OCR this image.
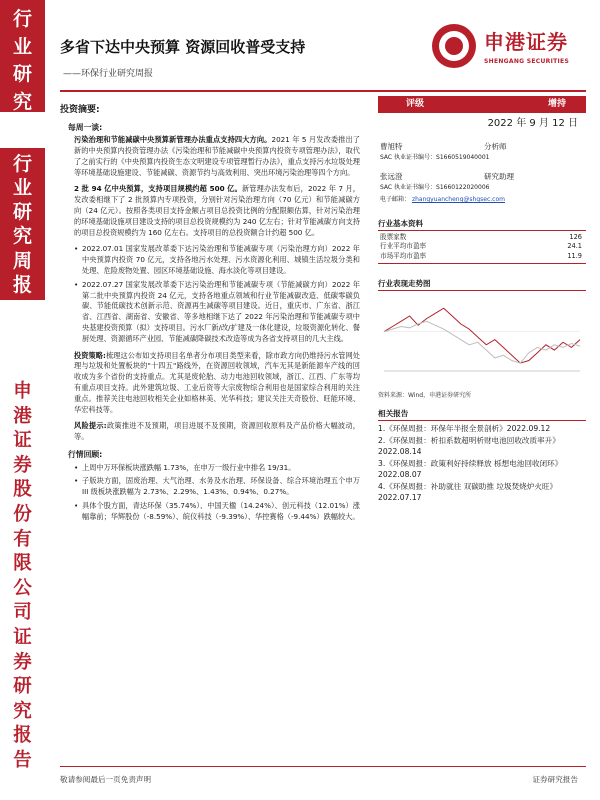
行
业
研
究
行
业
研
究
周
报
申
港
证
券
股
份
有
限
公
司
证
券
研
究
报
告
多省下达中央预算 资源回收普受支持
——环保行业研究周报
申港证券
SHENGANG SECURITIES
投资摘要:
每周一谈:
污染治理和节能减碳中央预算新管理办法重点支持四大方向。2021 年 5 月发改委推出了新的中央预算内投资管理办法《污染治理和节能减碳中央预算内投资专项管理办法》，取代了之前实行的《中央预算内投资生态文明建设专项管理暂行办法》，重点支持污水垃圾处理等环境基础设施建设、节能减碳、资源节约与高效利用、突出环境污染治理等四个方向。
2 批 94 亿中央预算，支持项目规模约超 500 亿。新管理办法发布后，2022 年 7 月，发改委相继下了 2 批预算内专项投资，分别针对污染治理方向（70 亿元）和节能减碳方向（24 亿元）。按照各类项目支持金额占项目总投资比例的分配限额估算，针对污染治理的环境基础设施项目建设支持的项目总投资规模约为 240 亿左右；针对节能减碳方向支持的项目总投资规模约为 160 亿左右。支持项目的总投资额合计约超 500 亿。
• 2022.07.01 国家发展改革委下达污染治理和节能减碳专项（污染治理方向）2022 年中央预算内投资 70 亿元，支持各地污水处理、污水资源化利用、城镇生活垃圾分类和处理、危险废物处置、园区环境基础设施、海水淡化等项目建设。
• 2022.07.27 国家发展改革委下达污染治理和节能减碳专项（节能减碳方向）2022 年第二批中央预算内投资 24 亿元，支持各地重点领域和行业节能减碳改造、低碳零碳负碳、节能低碳技术创新示范、资源再生减碳等项目建设。近日，重庆市、广东省、浙江省、江西省、湖南省、安徽省、等多地相继下达了 2022 年污染治理和节能减碳专项中央基建投资预算（拟）支持项目。污水厂新/改/扩建及一体化建设，垃圾资源化转化、餐厨处理、资源循环产业园、节能减碳降碳技术改造等成为各省支持项目的几大主线。
投资策略:梳理这公布如支持项目名单者分布项目类型来看，除市政方向仍维持污水管网处理与垃圾和处置板块的"十四五"路线外，在资源回收领域，汽车无其是新能源车产线的回收成为多个省份的支持重点。尤其是废轮胎、动力电池回收领域，浙江、江西、广东等均有重点项目支持。此外建筑垃圾、工业后资等大宗废物综合利用也是国家综合利用的关注重点。推荐关注电池回收相关企业如格林美、光华科技；建议关注天奇股份、旺能环境、华宏科技等。
风险提示:政策推进不及预期，项目进展不及预期，资源回收原料及产品价格大幅波动，等。
行情回顾:
• 上周中万环保板块涨跌幅 1.73%，在申万一级行业中排名 19/31。
• 子版块方面，固废治理、大气治理、水务及水治理、环保设备、综合环境治理五个申万 III 级板块涨跌幅为 2.73%、2.29%、1.43%、0.94%、0.27%。
• 具体个股方面，青达环保（35.74%）、中国天楹（14.24%）、创元科技（12.01%）涨幅靠前；华辉股份（-8.59%）、皖仪科技（-9.39%）、华控赛格（-9.44%）跌幅较大。
评级	增持
2022 年 9 月 12 日
曹旭特	分析师
SAC 执业证书编号：S1660519040001
张远澄	研究助理
SAC 执业证书编号：S1660122020006
电子邮箱： zhangyuancheng@shgsec.com
行业基本资料
股票家数	126
行业平均市盈率	24.1
市场平均市盈率	11.9
行业表现走势图
资料来源：Wind，申港证券研究所
相关报告
1.《环保周报：环保年半报全景剖析》2022.09.12
2.《环保周报：析扣系数超明析财电池回收改质率升》2022.08.14
3.《环保周报：政策利好持续释放 栎想电池回收闭环》2022.08.07
4.《环保周报：补助就往 双碳助推 垃圾焚烧炉火旺》2022.07.17
敬请参阅最后一页免责声明	证券研究报告
